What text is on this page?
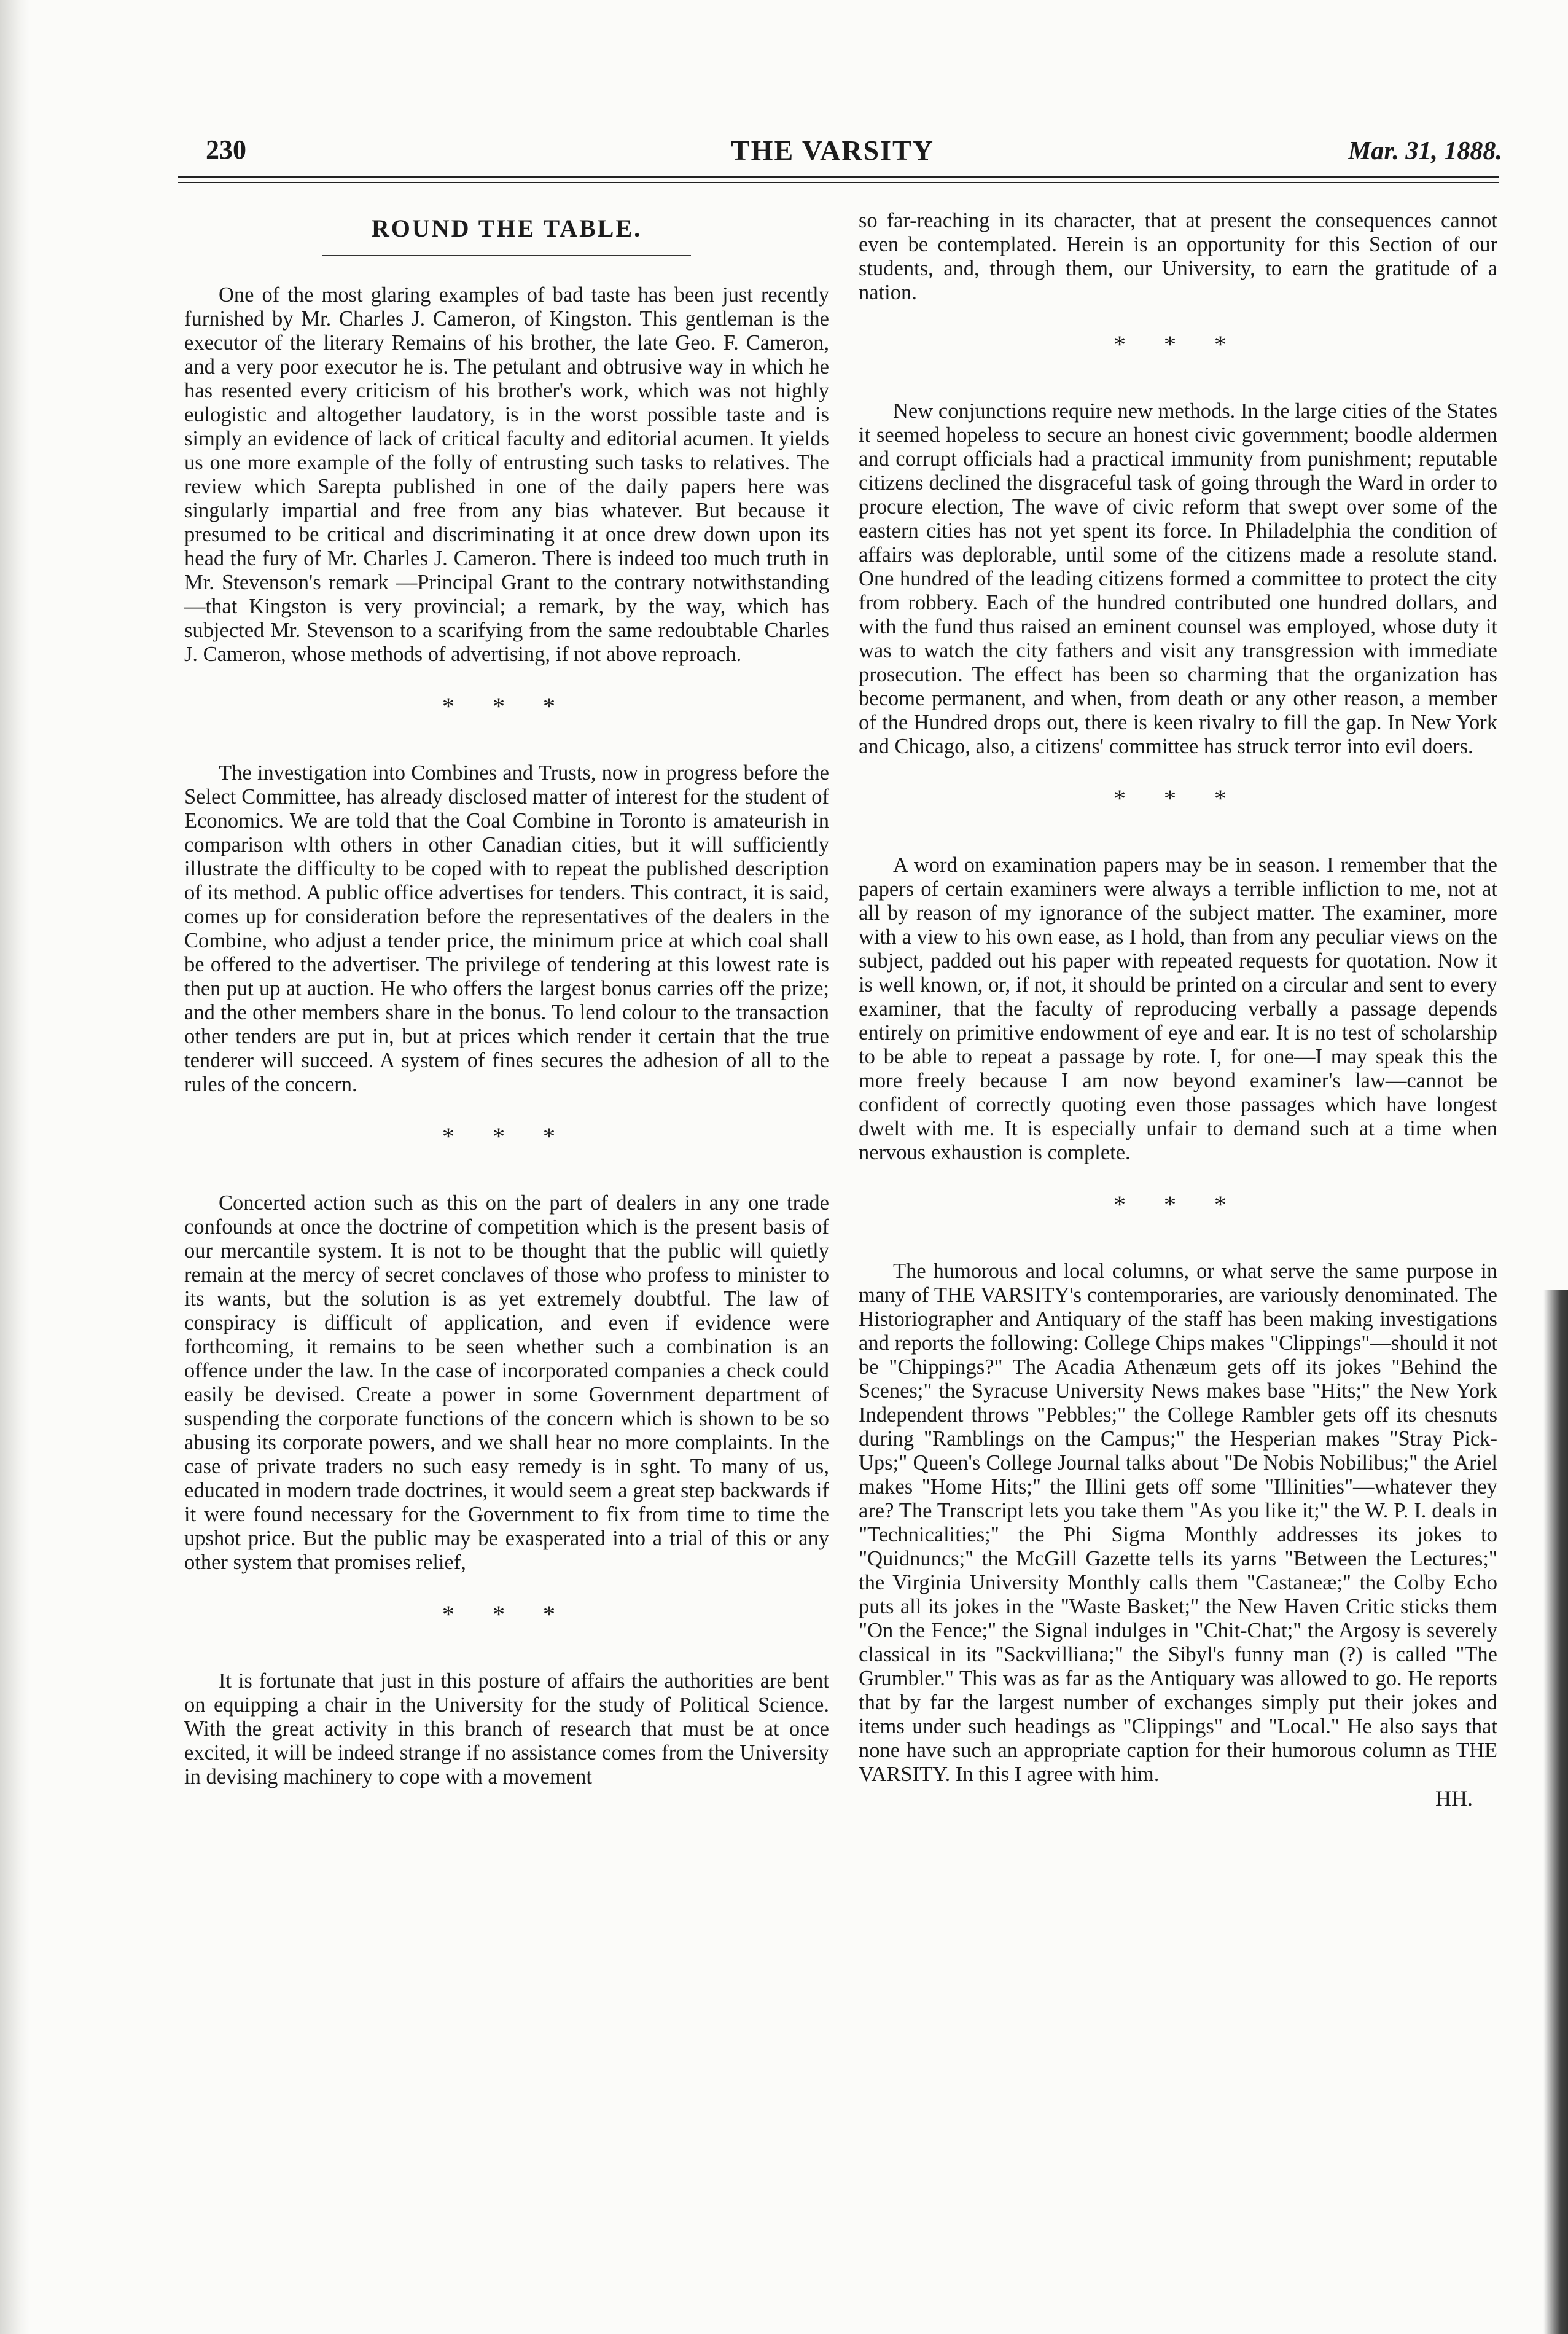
230	THE VARSITY	Mar. 31, 1888.
ROUND THE TABLE.

One of the most glaring examples of bad taste has been just recently furnished by Mr. Charles J. Cameron, of Kingston. This gentleman is the executor of the literary Remains of his brother, the late Geo. F. Cameron, and a very poor executor he is. The petulant and obtrusive way in which he has resented every criticism of his brother's work, which was not highly eulogistic and altogether laudatory, is in the worst possible taste and is simply an evidence of lack of critical faculty and editorial acumen. It yields us one more example of the folly of entrusting such tasks to relatives. The review which Sarepta published in one of the daily papers here was singularly impartial and free from any bias whatever. But because it presumed to be critical and discriminating it at once drew down upon its head the fury of Mr. Charles J. Cameron. There is indeed too much truth in Mr. Stevenson's remark —Principal Grant to the contrary notwithstanding—that Kingston is very provincial; a remark, by the way, which has subjected Mr. Stevenson to a scarifying from the same redoubtable Charles J. Cameron, whose methods of advertising, if not above reproach.

* * *

The investigation into Combines and Trusts, now in progress before the Select Committee, has already disclosed matter of interest for the student of Economics. We are told that the Coal Combine in Toronto is amateurish in comparison wlth others in other Canadian cities, but it will sufficiently illustrate the difficulty to be coped with to repeat the published description of its method. A public office advertises for tenders. This contract, it is said, comes up for consideration before the representatives of the dealers in the Combine, who adjust a tender price, the minimum price at which coal shall be offered to the advertiser. The privilege of tendering at this lowest rate is then put up at auction. He who offers the largest bonus carries off the prize; and the other members share in the bonus. To lend colour to the transaction other tenders are put in, but at prices which render it certain that the true tenderer will succeed. A system of fines secures the adhesion of all to the rules of the concern.

* * *

Concerted action such as this on the part of dealers in any one trade confounds at once the doctrine of competition which is the present basis of our mercantile system. It is not to be thought that the public will quietly remain at the mercy of secret conclaves of those who profess to minister to its wants, but the solution is as yet extremely doubtful. The law of conspiracy is difficult of application, and even if evidence were forthcoming, it remains to be seen whether such a combination is an offence under the law. In the case of incorporated companies a check could easily be devised. Create a power in some Government department of suspending the corporate functions of the concern which is shown to be so abusing its corporate powers, and we shall hear no more complaints. In the case of private traders no such easy remedy is in sght. To many of us, educated in modern trade doctrines, it would seem a great step backwards if it were found necessary for the Government to fix from time to time the upshot price. But the public may be exasperated into a trial of this or any other system that promises relief,

* * *

It is fortunate that just in this posture of affairs the authorities are bent on equipping a chair in the University for the study of Political Science. With the great activity in this branch of research that must be at once excited, it will be indeed strange if no assistance comes from the University in devising machinery to cope with a movement

so far-reaching in its character, that at present the consequences cannot even be contemplated. Herein is an opportunity for this Section of our students, and, through them, our University, to earn the gratitude of a nation.

* * *

New conjunctions require new methods. In the large cities of the States it seemed hopeless to secure an honest civic government; boodle aldermen and corrupt officials had a practical immunity from punishment; reputable citizens declined the disgraceful task of going through the Ward in order to procure election, The wave of civic reform that swept over some of the eastern cities has not yet spent its force. In Philadelphia the condition of affairs was deplorable, until some of the citizens made a resolute stand. One hundred of the leading citizens formed a committee to protect the city from robbery. Each of the hundred contributed one hundred dollars, and with the fund thus raised an eminent counsel was employed, whose duty it was to watch the city fathers and visit any transgression with immediate prosecution. The effect has been so charming that the organization has become permanent, and when, from death or any other reason, a member of the Hundred drops out, there is keen rivalry to fill the gap. In New York and Chicago, also, a citizens' committee has struck terror into evil doers.

* * *

A word on examination papers may be in season. I remember that the papers of certain examiners were always a terrible infliction to me, not at all by reason of my ignorance of the subject matter. The examiner, more with a view to his own ease, as I hold, than from any peculiar views on the subject, padded out his paper with repeated requests for quotation. Now it is well known, or, if not, it should be printed on a circular and sent to every examiner, that the faculty of reproducing verbally a passage depends entirely on primitive endowment of eye and ear. It is no test of scholarship to be able to repeat a passage by rote. I, for one—I may speak this the more freely because I am now beyond examiner's law—cannot be confident of correctly quoting even those passages which have longest dwelt with me. It is especially unfair to demand such at a time when nervous exhaustion is complete.

* * *

The humorous and local columns, or what serve the same purpose in many of THE VARSITY's contemporaries, are variously denominated. The Historiographer and Antiquary of the staff has been making investigations and reports the following: College Chips makes "Clippings"—should it not be "Chippings?" The Acadia Athenæum gets off its jokes "Behind the Scenes;" the Syracuse University News makes base "Hits;" the New York Independent throws "Pebbles;" the College Rambler gets off its chesnuts during "Ramblings on the Campus;" the Hesperian makes "Stray Pick-Ups;" Queen's College Journal talks about "De Nobis Nobilibus;" the Ariel makes "Home Hits;" the Illini gets off some "Illinities"—whatever they are? The Transcript lets you take them "As you like it;" the W. P. I. deals in "Technicalities;" the Phi Sigma Monthly addresses its jokes to "Quidnuncs;" the McGill Gazette tells its yarns "Between the Lectures;" the Virginia University Monthly calls them "Castaneæ;" the Colby Echo puts all its jokes in the "Waste Basket;" the New Haven Critic sticks them "On the Fence;" the Signal indulges in "Chit-Chat;" the Argosy is severely classical in its "Sackvilliana;" the Sibyl's funny man (?) is called "The Grumbler." This was as far as the Antiquary was allowed to go. He reports that by far the largest number of exchanges simply put their jokes and items under such headings as "Clippings" and "Local." He also says that none have such an appropriate caption for their humorous column as THE VARSITY. In this I agree with him.

HH.
